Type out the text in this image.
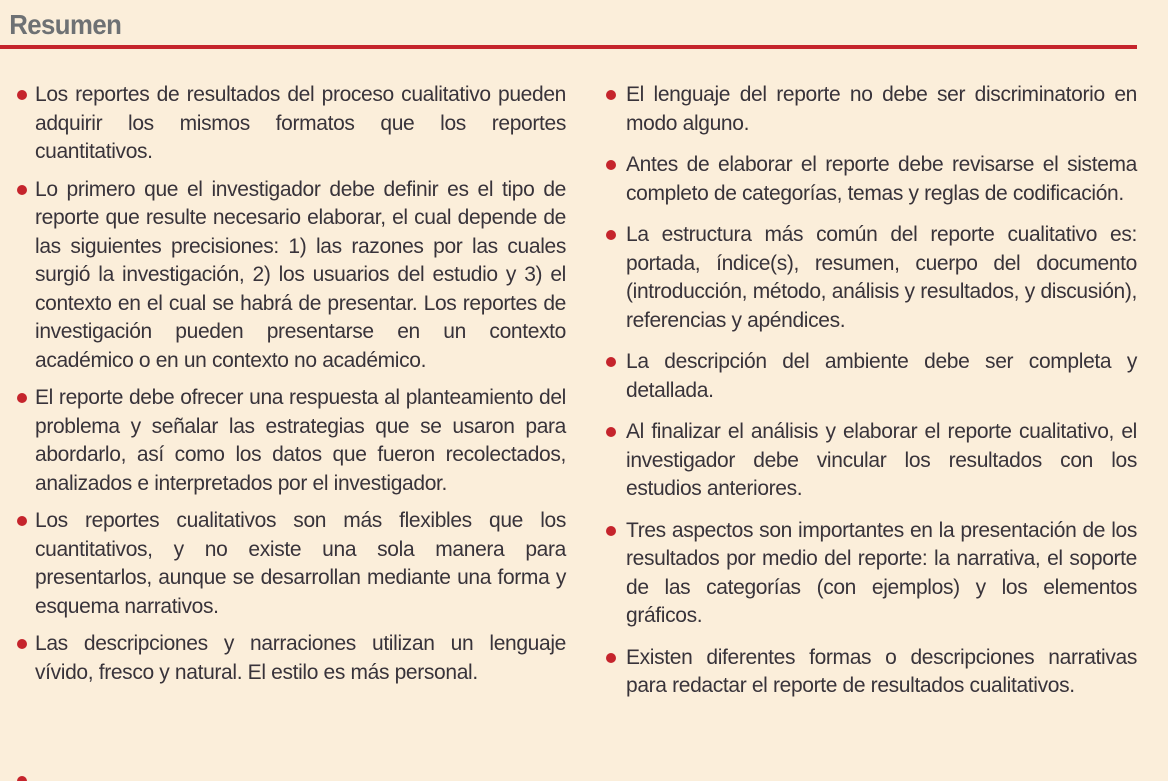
Resumen
Los reportes de resultados del proceso cualitativo pueden adquirir los mismos formatos que los reportes cuantitativos.
Lo primero que el investigador debe definir es el tipo de reporte que resulte necesario elaborar, el cual depende de las siguientes precisiones: 1) las razones por las cuales surgió la investigación, 2) los usuarios del estudio y 3) el contexto en el cual se habrá de presentar. Los reportes de investigación pueden presentarse en un contexto académico o en un contexto no académico.
El reporte debe ofrecer una respuesta al planteamiento del problema y señalar las estrategias que se usaron para abordarlo, así como los datos que fueron recolectados, analizados e interpretados por el investigador.
Los reportes cualitativos son más flexibles que los cuantitativos, y no existe una sola manera para presentarlos, aunque se desarrollan mediante una forma y esquema narrativos.
Las descripciones y narraciones utilizan un lenguaje vívido, fresco y natural. El estilo es más personal.
El lenguaje del reporte no debe ser discriminatorio en modo alguno.
Antes de elaborar el reporte debe revisarse el sistema completo de categorías, temas y reglas de codificación.
La estructura más común del reporte cualitativo es: portada, índice(s), resumen, cuerpo del documento (introducción, método, análisis y resultados, y discusión), referencias y apéndices.
La descripción del ambiente debe ser completa y detallada.
Al finalizar el análisis y elaborar el reporte cualitativo, el investigador debe vincular los resultados con los estudios anteriores.
Tres aspectos son importantes en la presentación de los resultados por medio del reporte: la narrativa, el soporte de las categorías (con ejemplos) y los elementos gráficos.
Existen diferentes formas o descripciones narrativas para redactar el reporte de resultados cualitativos.
